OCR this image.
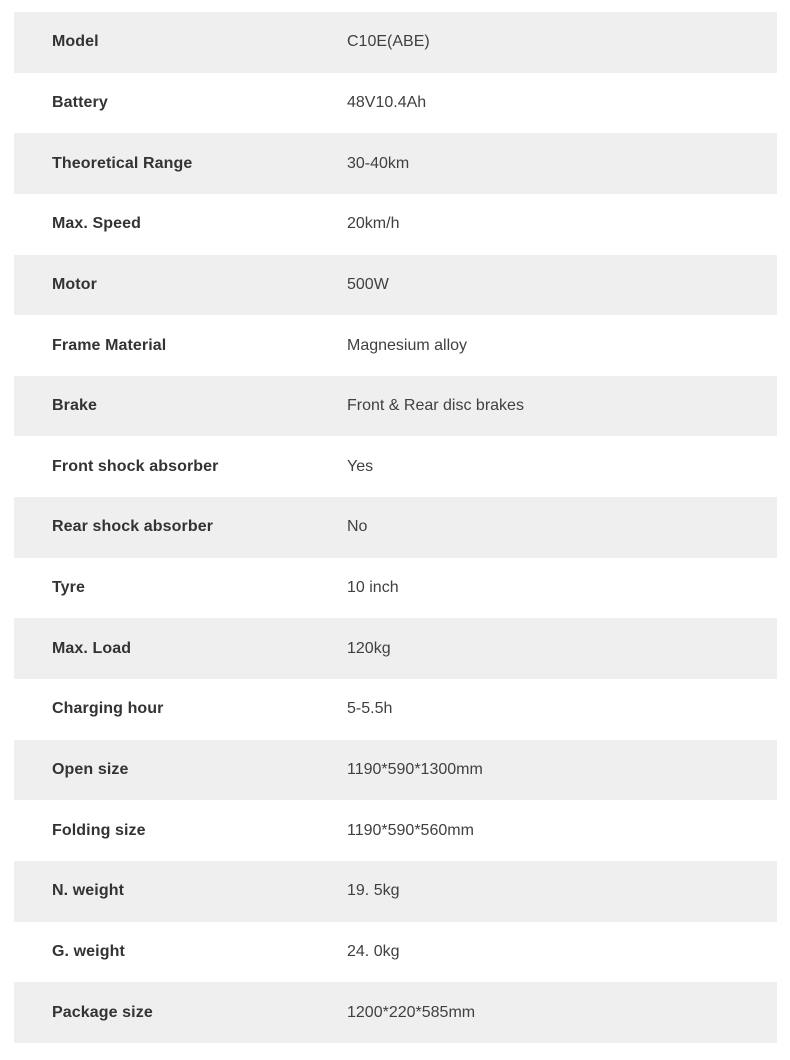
Model	C10E(ABE)
Battery	48V10.4Ah
Theoretical Range	30-40km
Max. Speed	20km/h
Motor	500W
Frame Material	Magnesium alloy
Brake	Front & Rear disc brakes
Front shock absorber	Yes
Rear shock absorber	No
Tyre	10 inch
Max. Load	120kg
Charging hour	5-5.5h
Open size	1190*590*1300mm
Folding size	1190*590*560mm
N. weight	19. 5kg
G. weight	24. 0kg
Package size	1200*220*585mm
